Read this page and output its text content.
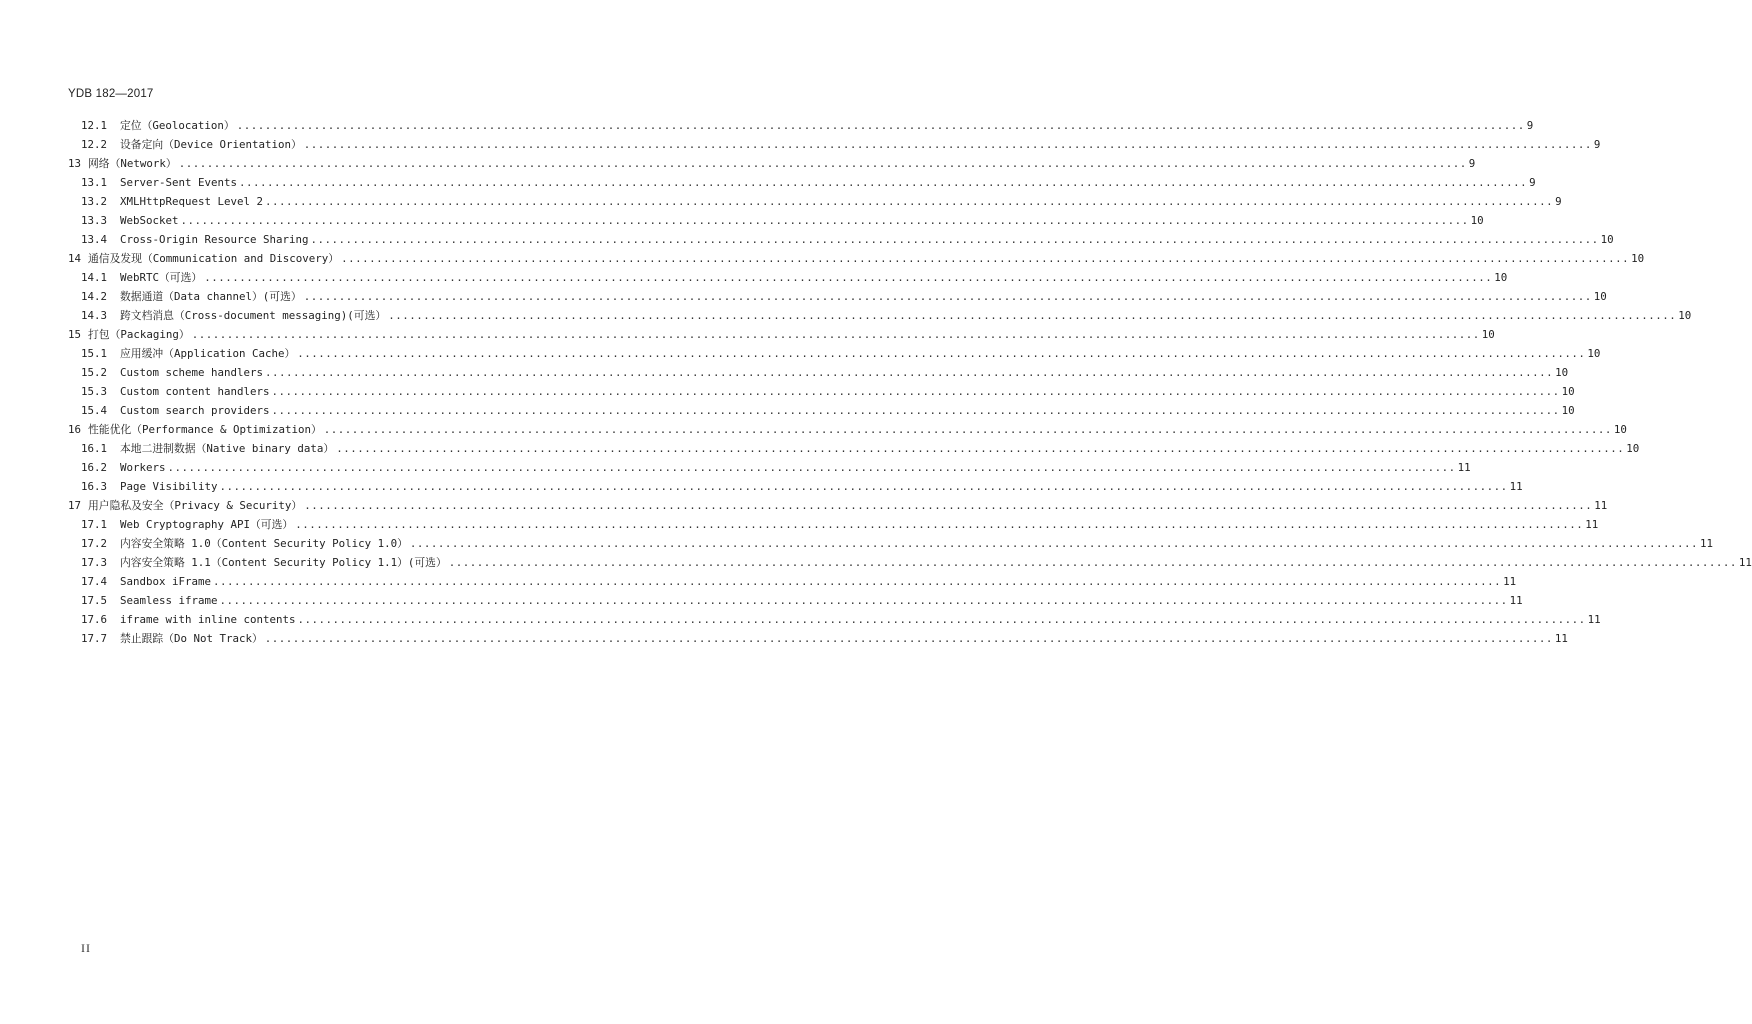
YDB 182—2017
12.1	定位（Geolocation） .....	9
12.2	设备定向（Device Orientation） .....	9
13 网络（Network） .....	9
13.1	Server-Sent Events .....	9
13.2	XMLHttpRequest Level 2 .....	9
13.3	WebSocket .....	10
13.4	Cross-Origin Resource Sharing .....	10
14 通信及发现（Communication and Discovery） .....	10
14.1	WebRTC（可选） .....	10
14.2	数据通道（Data channel）(可选） .....	10
14.3	跨文档消息（Cross-document messaging)(可选） .....	10
15 打包（Packaging） .....	10
15.1	应用缓冲（Application Cache） .....	10
15.2	Custom scheme handlers .....	10
15.3	Custom content handlers .....	10
15.4	Custom search providers .....	10
16 性能优化（Performance & Optimization） .....	10
16.1	本地二进制数据（Native binary data） .....	10
16.2	Workers .....	11
16.3	Page Visibility .....	11
17 用户隐私及安全（Privacy & Security） .....	11
17.1	Web Cryptography API（可选） .....	11
17.2	内容安全策略 1.0（Content Security Policy 1.0） .....	11
17.3	内容安全策略 1.1（Content Security Policy 1.1）(可选） .....	11
17.4	Sandbox iFrame .....	11
17.5	Seamless iframe .....	11
17.6	iframe with inline contents .....	11
17.7	禁止跟踪（Do Not Track） .....	11
II
